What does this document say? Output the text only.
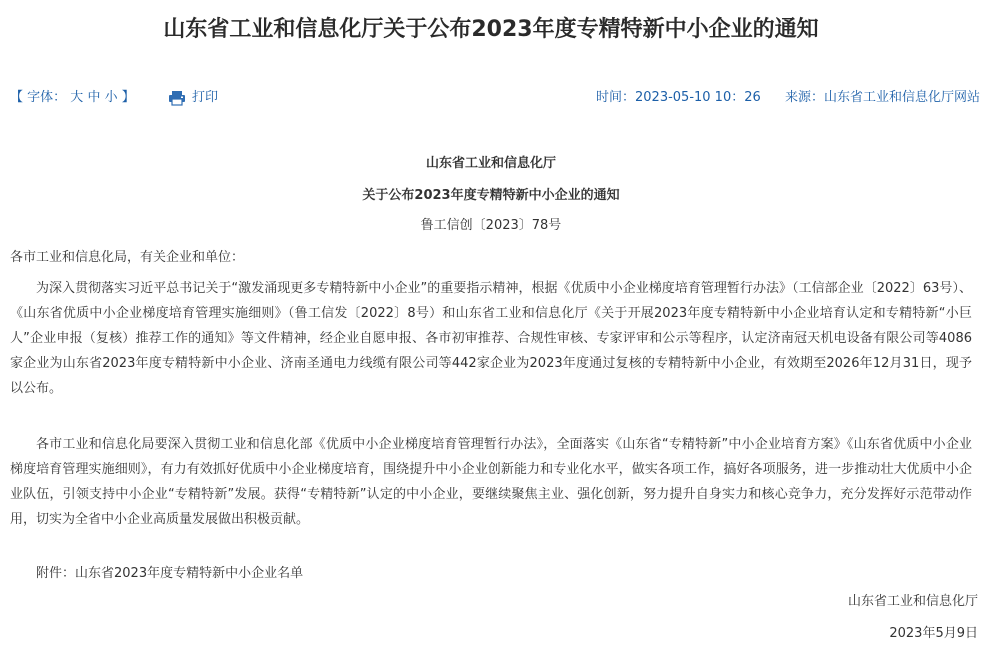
山东省工业和信息化厅关于公布2023年度专精特新中小企业的通知
【 字体： 大 中 小 】	打印	时间：2023-05-10 10：26 来源：山东省工业和信息化厅网站
山东省工业和信息化厅
关于公布2023年度专精特新中小企业的通知
鲁工信创〔2023〕78号
各市工业和信息化局，有关企业和单位：
为深入贯彻落实习近平总书记关于“激发涌现更多专精特新中小企业”的重要指示精神，根据《优质中小企业梯度培育管理暂行办法》（工信部企业〔2022〕63号）、《山东省优质中小企业梯度培育管理实施细则》（鲁工信发〔2022〕8号）和山东省工业和信息化厅《关于开展2023年度专精特新中小企业培育认定和专精特新“小巨人”企业申报（复核）推荐工作的通知》等文件精神，经企业自愿申报、各市初审推荐、合规性审核、专家评审和公示等程序，认定济南冠天机电设备有限公司等4086家企业为山东省2023年度专精特新中小企业、济南圣通电力线缆有限公司等442家企业为2023年度通过复核的专精特新中小企业，有效期至2026年12月31日，现予以公布。
各市工业和信息化局要深入贯彻工业和信息化部《优质中小企业梯度培育管理暂行办法》，全面落实《山东省“专精特新”中小企业培育方案》《山东省优质中小企业梯度培育管理实施细则》，有力有效抓好优质中小企业梯度培育，围绕提升中小企业创新能力和专业化水平，做实各项工作，搞好各项服务，进一步推动壮大优质中小企业队伍，引领支持中小企业“专精特新”发展。获得“专精特新”认定的中小企业，要继续聚焦主业、强化创新，努力提升自身实力和核心竞争力，充分发挥好示范带动作用，切实为全省中小企业高质量发展做出积极贡献。
附件：山东省2023年度专精特新中小企业名单
山东省工业和信息化厅
2023年5月9日
